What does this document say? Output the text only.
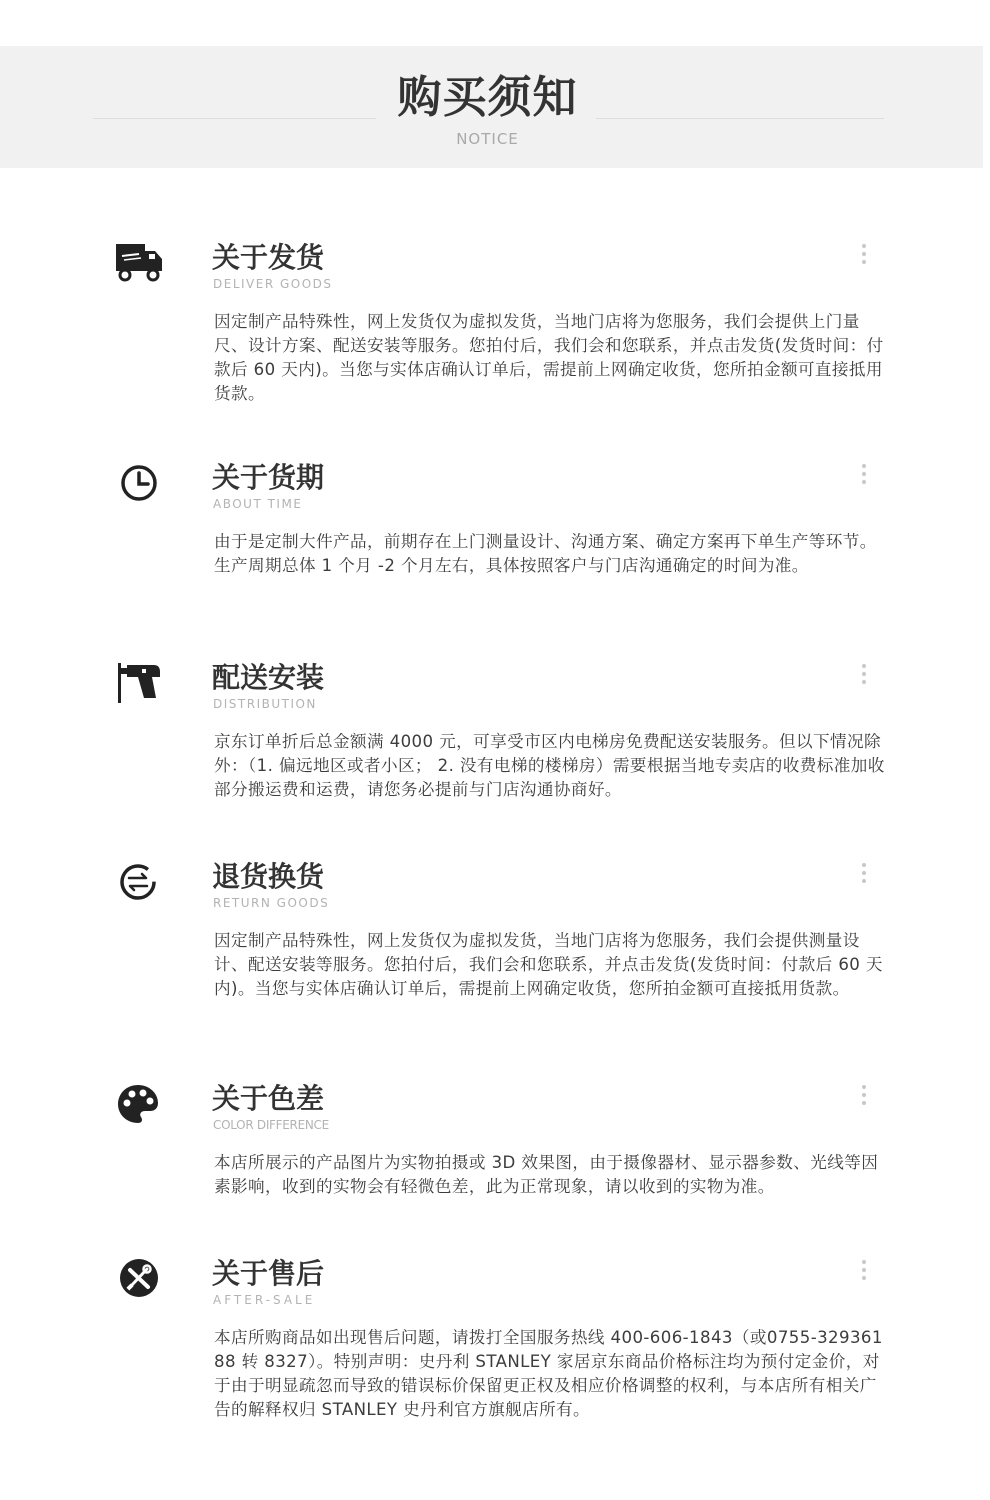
购买须知
NOTICE
关于发货
DELIVER GOODS
因定制产品特殊性，网上发货仅为虚拟发货，当地门店将为您服务，我们会提供上门量尺、设计方案、配送安装等服务。您拍付后，我们会和您联系，并点击发货(发货时间：付款后 60 天内)。当您与实体店确认订单后，需提前上网确定收货，您所拍金额可直接抵用货款。
关于货期
ABOUT TIME
由于是定制大件产品，前期存在上门测量设计、沟通方案、确定方案再下单生产等环节。生产周期总体 1 个月 -2 个月左右，具体按照客户与门店沟通确定的时间为准。
配送安装
DISTRIBUTION
京东订单折后总金额满 4000 元，可享受市区内电梯房免费配送安装服务。但以下情况除外：（1. 偏远地区或者小区； 2. 没有电梯的楼梯房）需要根据当地专卖店的收费标准加收部分搬运费和运费，请您务必提前与门店沟通协商好。
退货换货
RETURN GOODS
因定制产品特殊性，网上发货仅为虚拟发货，当地门店将为您服务，我们会提供测量设计、配送安装等服务。您拍付后，我们会和您联系，并点击发货(发货时间：付款后 60 天内)。当您与实体店确认订单后，需提前上网确定收货，您所拍金额可直接抵用货款。
关于色差
COLOR DIFFERENCE
本店所展示的产品图片为实物拍摄或 3D 效果图，由于摄像器材、显示器参数、光线等因素影响，收到的实物会有轻微色差，此为正常现象，请以收到的实物为准。
关于售后
AFTER-SALE
本店所购商品如出现售后问题，请拨打全国服务热线 400-606-1843（或0755-32936188 转 8327）。特别声明：史丹利 STANLEY 家居京东商品价格标注均为预付定金价，对于由于明显疏忽而导致的错误标价保留更正权及相应价格调整的权利，与本店所有相关广告的解释权归 STANLEY 史丹利官方旗舰店所有。
